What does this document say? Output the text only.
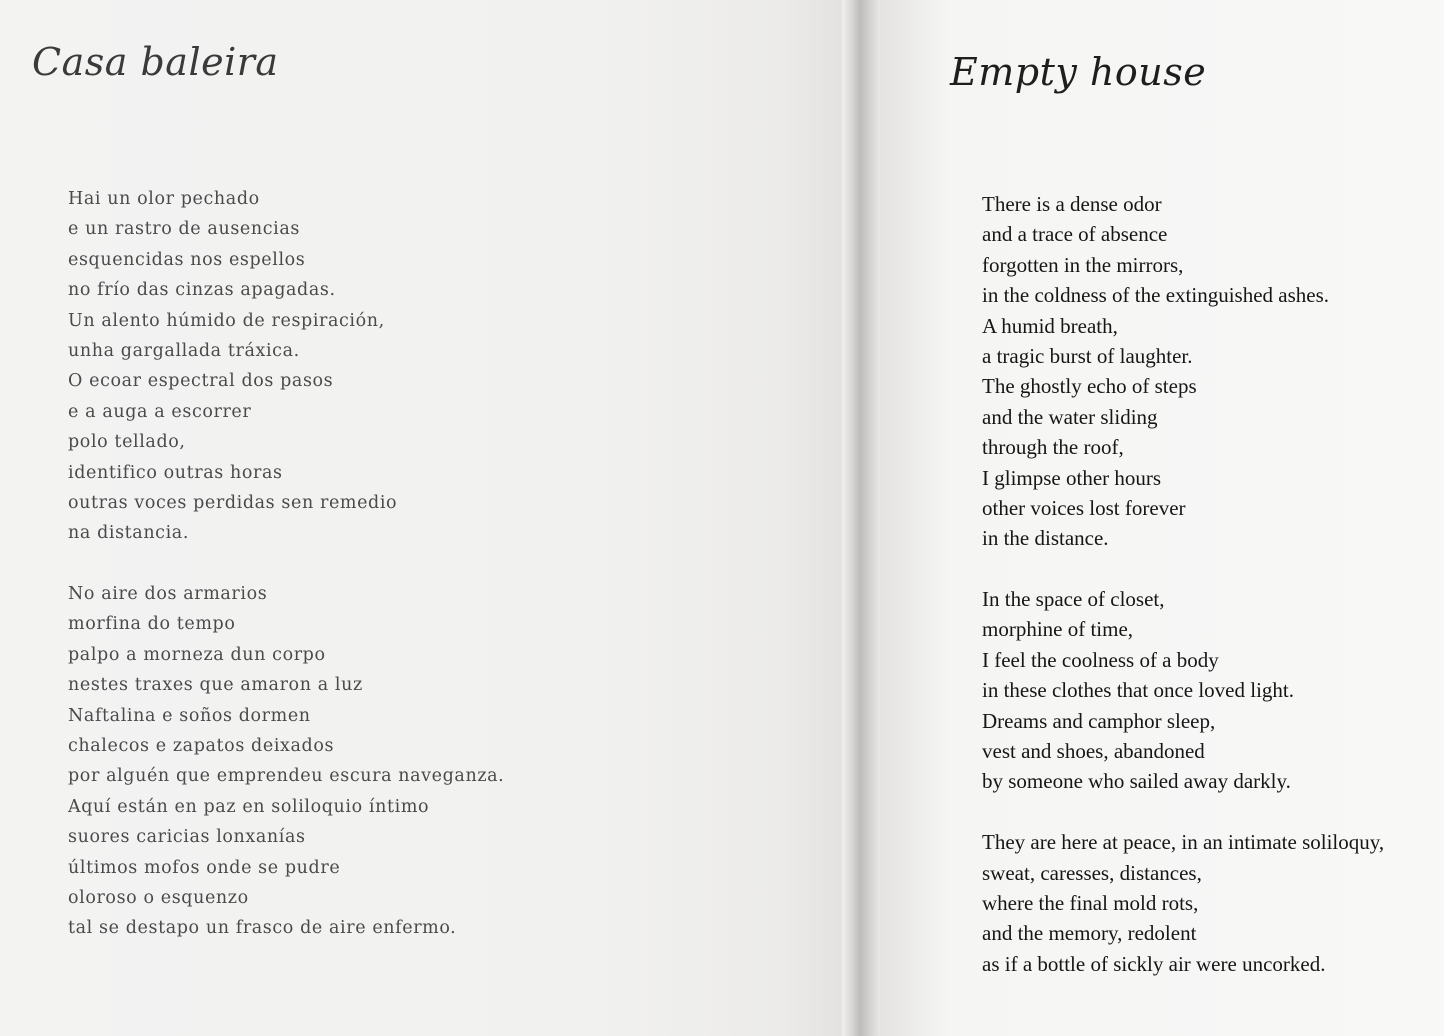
Casa baleira
Hai un olor pechado
e un rastro de ausencias
esquencidas nos espellos
no frío das cinzas apagadas.
Un alento húmido de respiración,
unha gargallada tráxica.
O ecoar espectral dos pasos
e a auga a escorrer
polo tellado,
identifico outras horas
outras voces perdidas sen remedio
na distancia.
No aire dos armarios
morfina do tempo
palpo a morneza dun corpo
nestes traxes que amaron a luz
Naftalina e soños dormen
chalecos e zapatos deixados
por alguén que emprendeu escura naveganza.
Aquí están en paz en soliloquio íntimo
suores caricias lonxanías
últimos mofos onde se pudre
oloroso o esquenzo
tal se destapo un frasco de aire enfermo.
Empty house
There is a dense odor
and a trace of absence
forgotten in the mirrors,
in the coldness of the extinguished ashes.
A humid breath,
a tragic burst of laughter.
The ghostly echo of steps
and the water sliding
through the roof,
I glimpse other hours
other voices lost forever
in the distance.
In the space of closet,
morphine of time,
I feel the coolness of a body
in these clothes that once loved light.
Dreams and camphor sleep,
vest and shoes, abandoned
by someone who sailed away darkly.
They are here at peace, in an intimate soliloquy,
sweat, caresses, distances,
where the final mold rots,
and the memory, redolent
as if a bottle of sickly air were uncorked.
